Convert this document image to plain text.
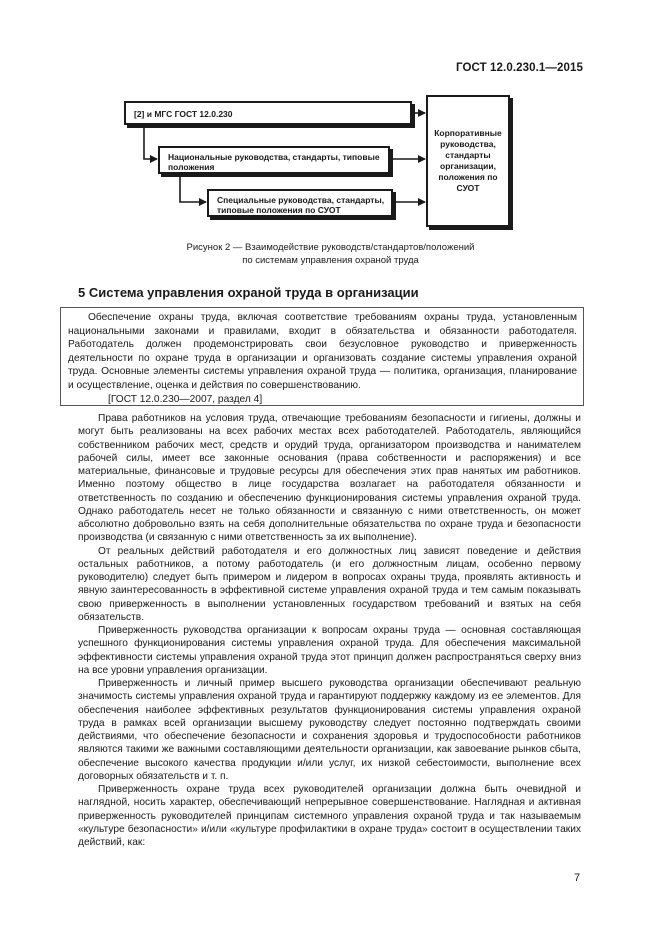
ГОСТ 12.0.230.1—2015
[2] и МГС ГОСТ 12.0.230
Национальные руководства, стандарты, типовые положения
Специальные руководства, стандарты, типовые положения по СУОТ
Корпоративные руководства, стандарты организации, положения по СУОТ
Рисунок 2 — Взаимодействие руководств/стандартов/положений
по системам управления охраной труда
5 Система управления охраной труда в организации

Обеспечение охраны труда, включая соответствие требованиям охраны труда, установленным национальными законами и правилами, входит в обязательства и обязанности работодателя. Работодатель должен продемонстрировать свои безусловное руководство и приверженность деятельности по охране труда в организации и организовать создание системы управления охраной труда. Основные элементы системы управления охраной труда — политика, организация, планирование и осуществление, оценка и действия по совершенствованию.

[ГОСТ 12.0.230—2007, раздел 4]

Права работников на условия труда, отвечающие требованиям безопасности и гигиены, должны и могут быть реализованы на всех рабочих местах всех работодателей. Работодатель, являющийся собственником рабочих мест, средств и орудий труда, организатором производства и нанимателем рабочей силы, имеет все законные основания (права собственности и распоряжения) и все материальные, финансовые и трудовые ресурсы для обеспечения этих прав нанятых им работников. Именно поэтому общество в лице государства возлагает на работодателя обязанности и ответственность по созданию и обеспечению функционирования системы управления охраной труда. Однако работодатель несет не только обязанности и связанную с ними ответственность, он может абсолютно добровольно взять на себя дополнительные обязательства по охране труда и безопасности производства (и связанную с ними ответственность за их выполнение).

От реальных действий работодателя и его должностных лиц зависят поведение и действия остальных работников, а потому работодатель (и его должностным лицам, особенно первому руководителю) следует быть примером и лидером в вопросах охраны труда, проявлять активность и явную заинтересованность в эффективной системе управления охраной труда и тем самым показывать свою приверженность в выполнении установленных государством требований и взятых на себя обязательств.

Приверженность руководства организации к вопросам охраны труда — основная составляющая успешного функционирования системы управления охраной труда. Для обеспечения максимальной эффективности системы управления охраной труда этот принцип должен распространяться сверху вниз на все уровни управления организации.

Приверженность и личный пример высшего руководства организации обеспечивают реальную значимость системы управления охраной труда и гарантируют поддержку каждому из ее элементов. Для обеспечения наиболее эффективных результатов функционирования системы управления охраной труда в рамках всей организации высшему руководству следует постоянно подтверждать своими действиями, что обеспечение безопасности и сохранения здоровья и трудоспособности работников являются такими же важными составляющими деятельности организации, как завоевание рынков сбыта, обеспечение высокого качества продукции и/или услуг, их низкой себестоимости, выполнение всех договорных обязательств и т. п.

Приверженность охране труда всех руководителей организации должна быть очевидной и наглядной, носить характер, обеспечивающий непрерывное совершенствование. Наглядная и активная приверженность руководителей принципам системного управления охраной труда и так называемым «культуре безопасности» и/или «культуре профилактики в охране труда» состоит в осуществлении таких действий, как:

7
